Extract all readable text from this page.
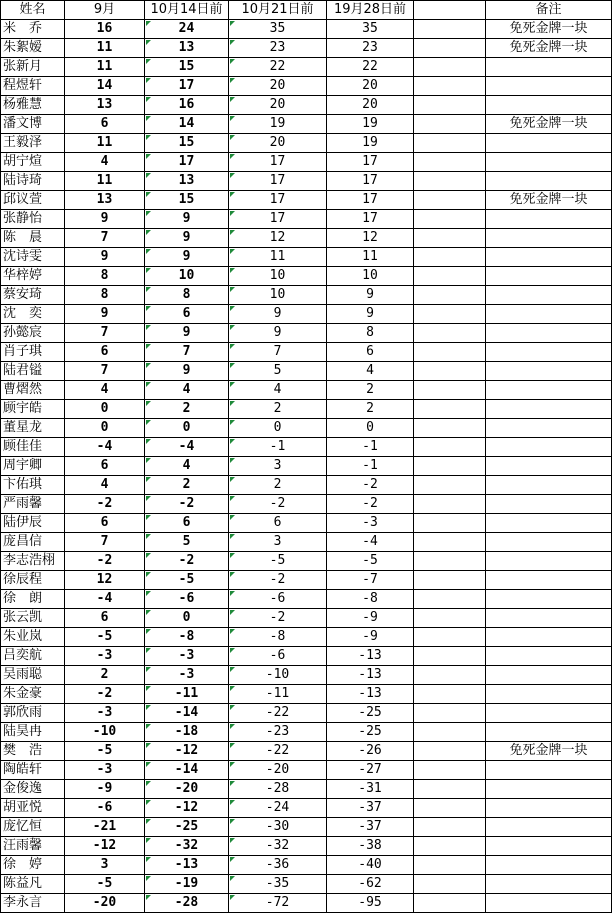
姓名	9月	10月14日前	10月21日前	19月28日前		备注
米　乔	16	24	35	35		免死金牌一块
朱絮嫒	11	13	23	23		免死金牌一块
张新月	11	15	22	22		
程煜轩	14	17	20	20		
杨雅慧	13	16	20	20		
潘文博	6	14	19	19		免死金牌一块
王毅泽	11	15	20	19		
胡宁煊	4	17	17	17		
陆诗琦	11	13	17	17		
邱议萱	13	15	17	17		免死金牌一块
张静怡	9	9	17	17		
陈　晨	7	9	12	12		
沈诗雯	9	9	11	11		
华梓婷	8	10	10	10		
蔡安琦	8	8	10	9		
沈　奕	9	6	9	9		
孙懿宸	7	9	9	8		
肖子琪	6	7	7	6		
陆君镒	7	9	5	4		
曹熠然	4	4	4	2		
顾宇皓	0	2	2	2		
董星龙	0	0	0	0		
顾佳佳	-4	-4	-1	-1		
周宇卿	6	4	3	-1		
卞佑琪	4	2	2	-2		
严雨馨	-2	-2	-2	-2		
陆伊辰	6	6	6	-3		
庞昌信	7	5	3	-4		
李志浩栩	-2	-2	-5	-5		
徐辰程	12	-5	-2	-7		
徐　朗	-4	-6	-6	-8		
张云凯	6	0	-2	-9		
朱业岚	-5	-8	-8	-9		
吕奕航	-3	-3	-6	-13		
吴雨聪	2	-3	-10	-13		
朱金豪	-2	-11	-11	-13		
郭欣雨	-3	-14	-22	-25		
陆昊冉	-10	-18	-23	-25		
樊　浩	-5	-12	-22	-26		免死金牌一块
陶皓轩	-3	-14	-20	-27		
金俊逸	-9	-20	-28	-31		
胡亚悦	-6	-12	-24	-37		
庞忆恒	-21	-25	-30	-37		
汪雨馨	-12	-32	-32	-38		
徐　婷	3	-13	-36	-40		
陈益凡	-5	-19	-35	-62		
李永言	-20	-28	-72	-95		
